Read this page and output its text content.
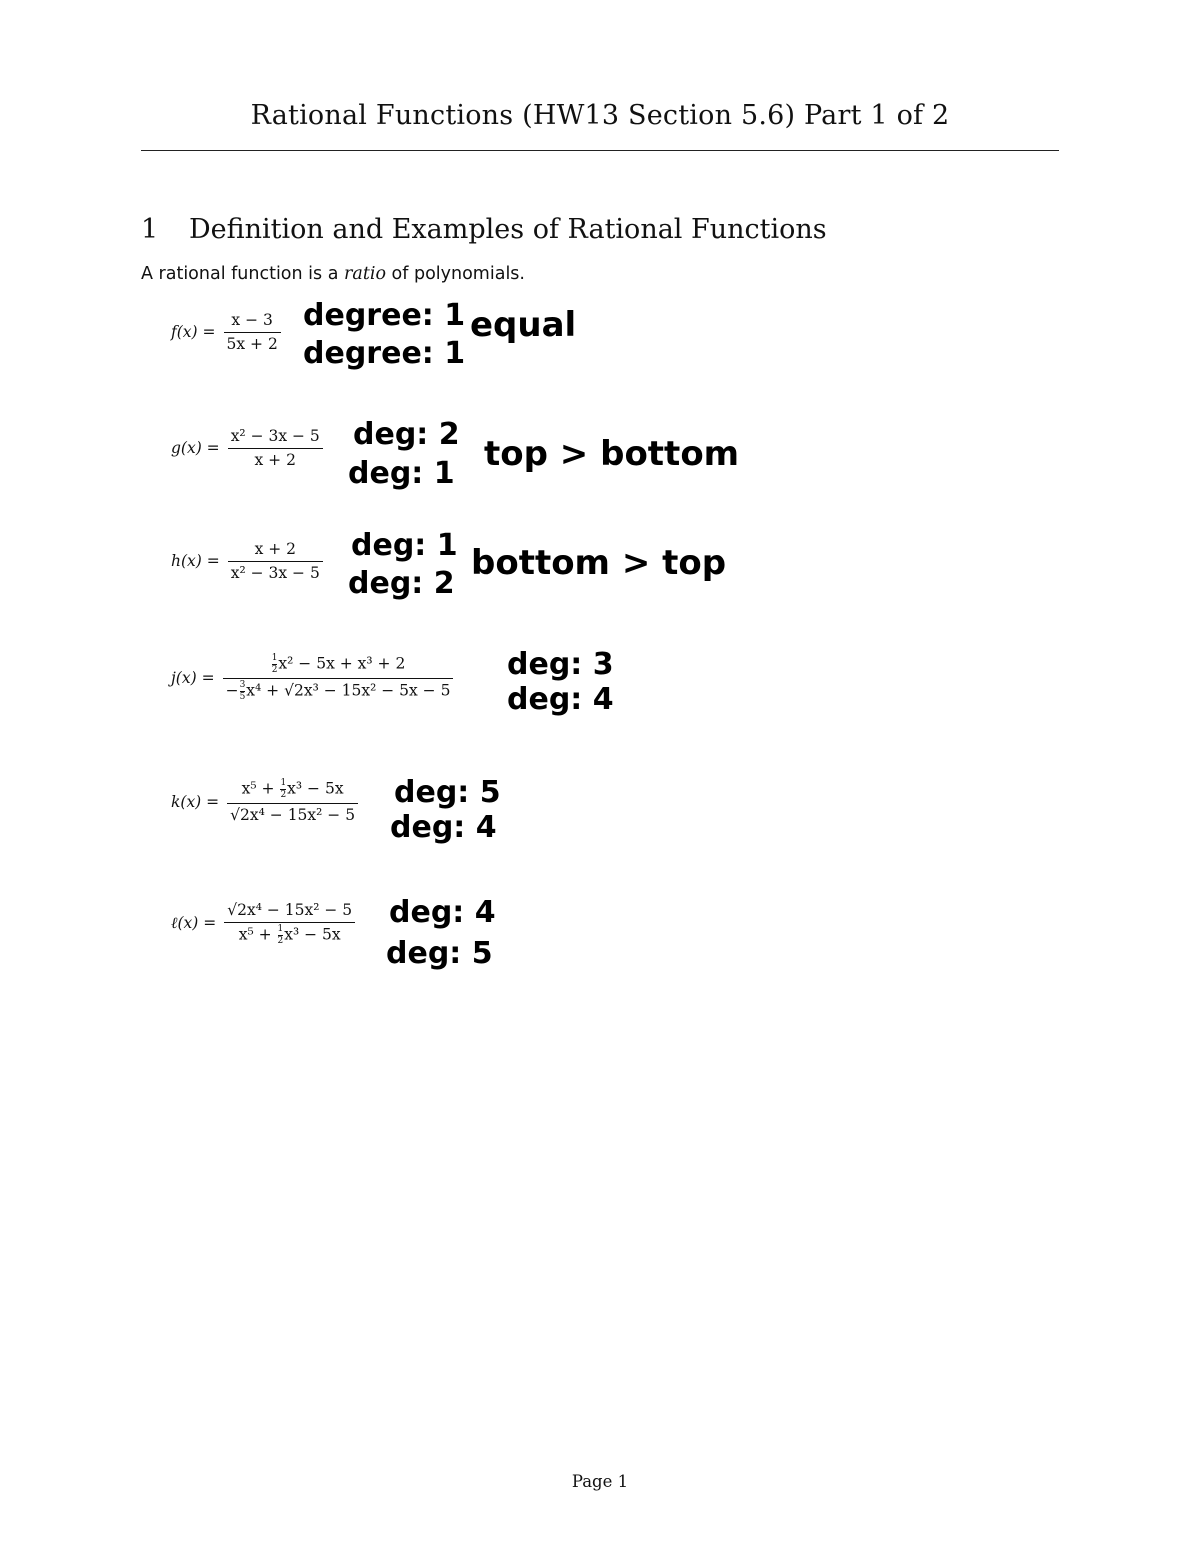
Rational Functions (HW13 Section 5.6) Part 1 of 2
1 Definition and Examples of Rational Functions
A rational function is a ratio of polynomials.
$f(x) = \frac{x - 3}{5x + 2}$ degree: 1
degree: 1
equal
$g(x) = \frac{\text{x² − 3x − 5}}{x + 2}$ deg: 2
deg: 1 top > bottom
$h(x) = \frac{x + 2}{\text{x² − 3x − 5}}$ deg: 1
deg: 2
bottom > top
$j(x) = \frac{\frac{1}{2} x^2 - 5x + x^3 + 2}{- \frac{3}{5} x^4 + √2x^3 - 15x^2 - 5x - 5}$ deg: 3
deg: 4
$k(x) = \frac{x^5 + \frac{1}{2} x^3 - 5x}{\text{√2x⁴ − 15x² − 5}}$ deg: 5
deg: 4
ℓ(x) = $\frac{\text{√2x⁴ − 15x² − 5}}{x^5 + \frac{1}{2} x^3 - 5x}$ deg: 4
deg: 5
Page 1
